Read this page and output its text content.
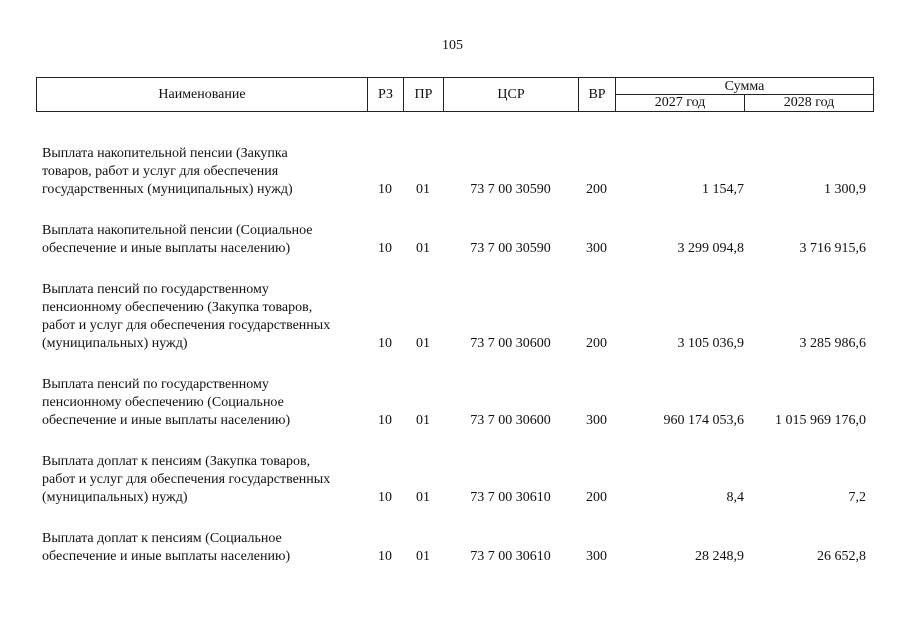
105
Наименование	РЗ	ПР	ЦСР	ВР	Сумма
2027 год	2028 год
Выплата накопительной пенсии (Закупка
товаров, работ и услуг для обеспечения
государственных (муниципальных) нужд)	10	01	73 7 00 30590	200	1 154,7	1 300,9
Выплата накопительной пенсии (Социальное
обеспечение и иные выплаты населению)	10	01	73 7 00 30590	300	3 299 094,8	3 716 915,6
Выплата пенсий по государственному
пенсионному обеспечению (Закупка товаров,
работ и услуг для обеспечения государственных
(муниципальных) нужд)	10	01	73 7 00 30600	200	3 105 036,9	3 285 986,6
Выплата пенсий по государственному
пенсионному обеспечению (Социальное
обеспечение и иные выплаты населению)	10	01	73 7 00 30600	300	960 174 053,6	1 015 969 176,0
Выплата доплат к пенсиям (Закупка товаров,
работ и услуг для обеспечения государственных
(муниципальных) нужд)	10	01	73 7 00 30610	200	8,4	7,2
Выплата доплат к пенсиям (Социальное
обеспечение и иные выплаты населению)	10	01	73 7 00 30610	300	28 248,9	26 652,8
